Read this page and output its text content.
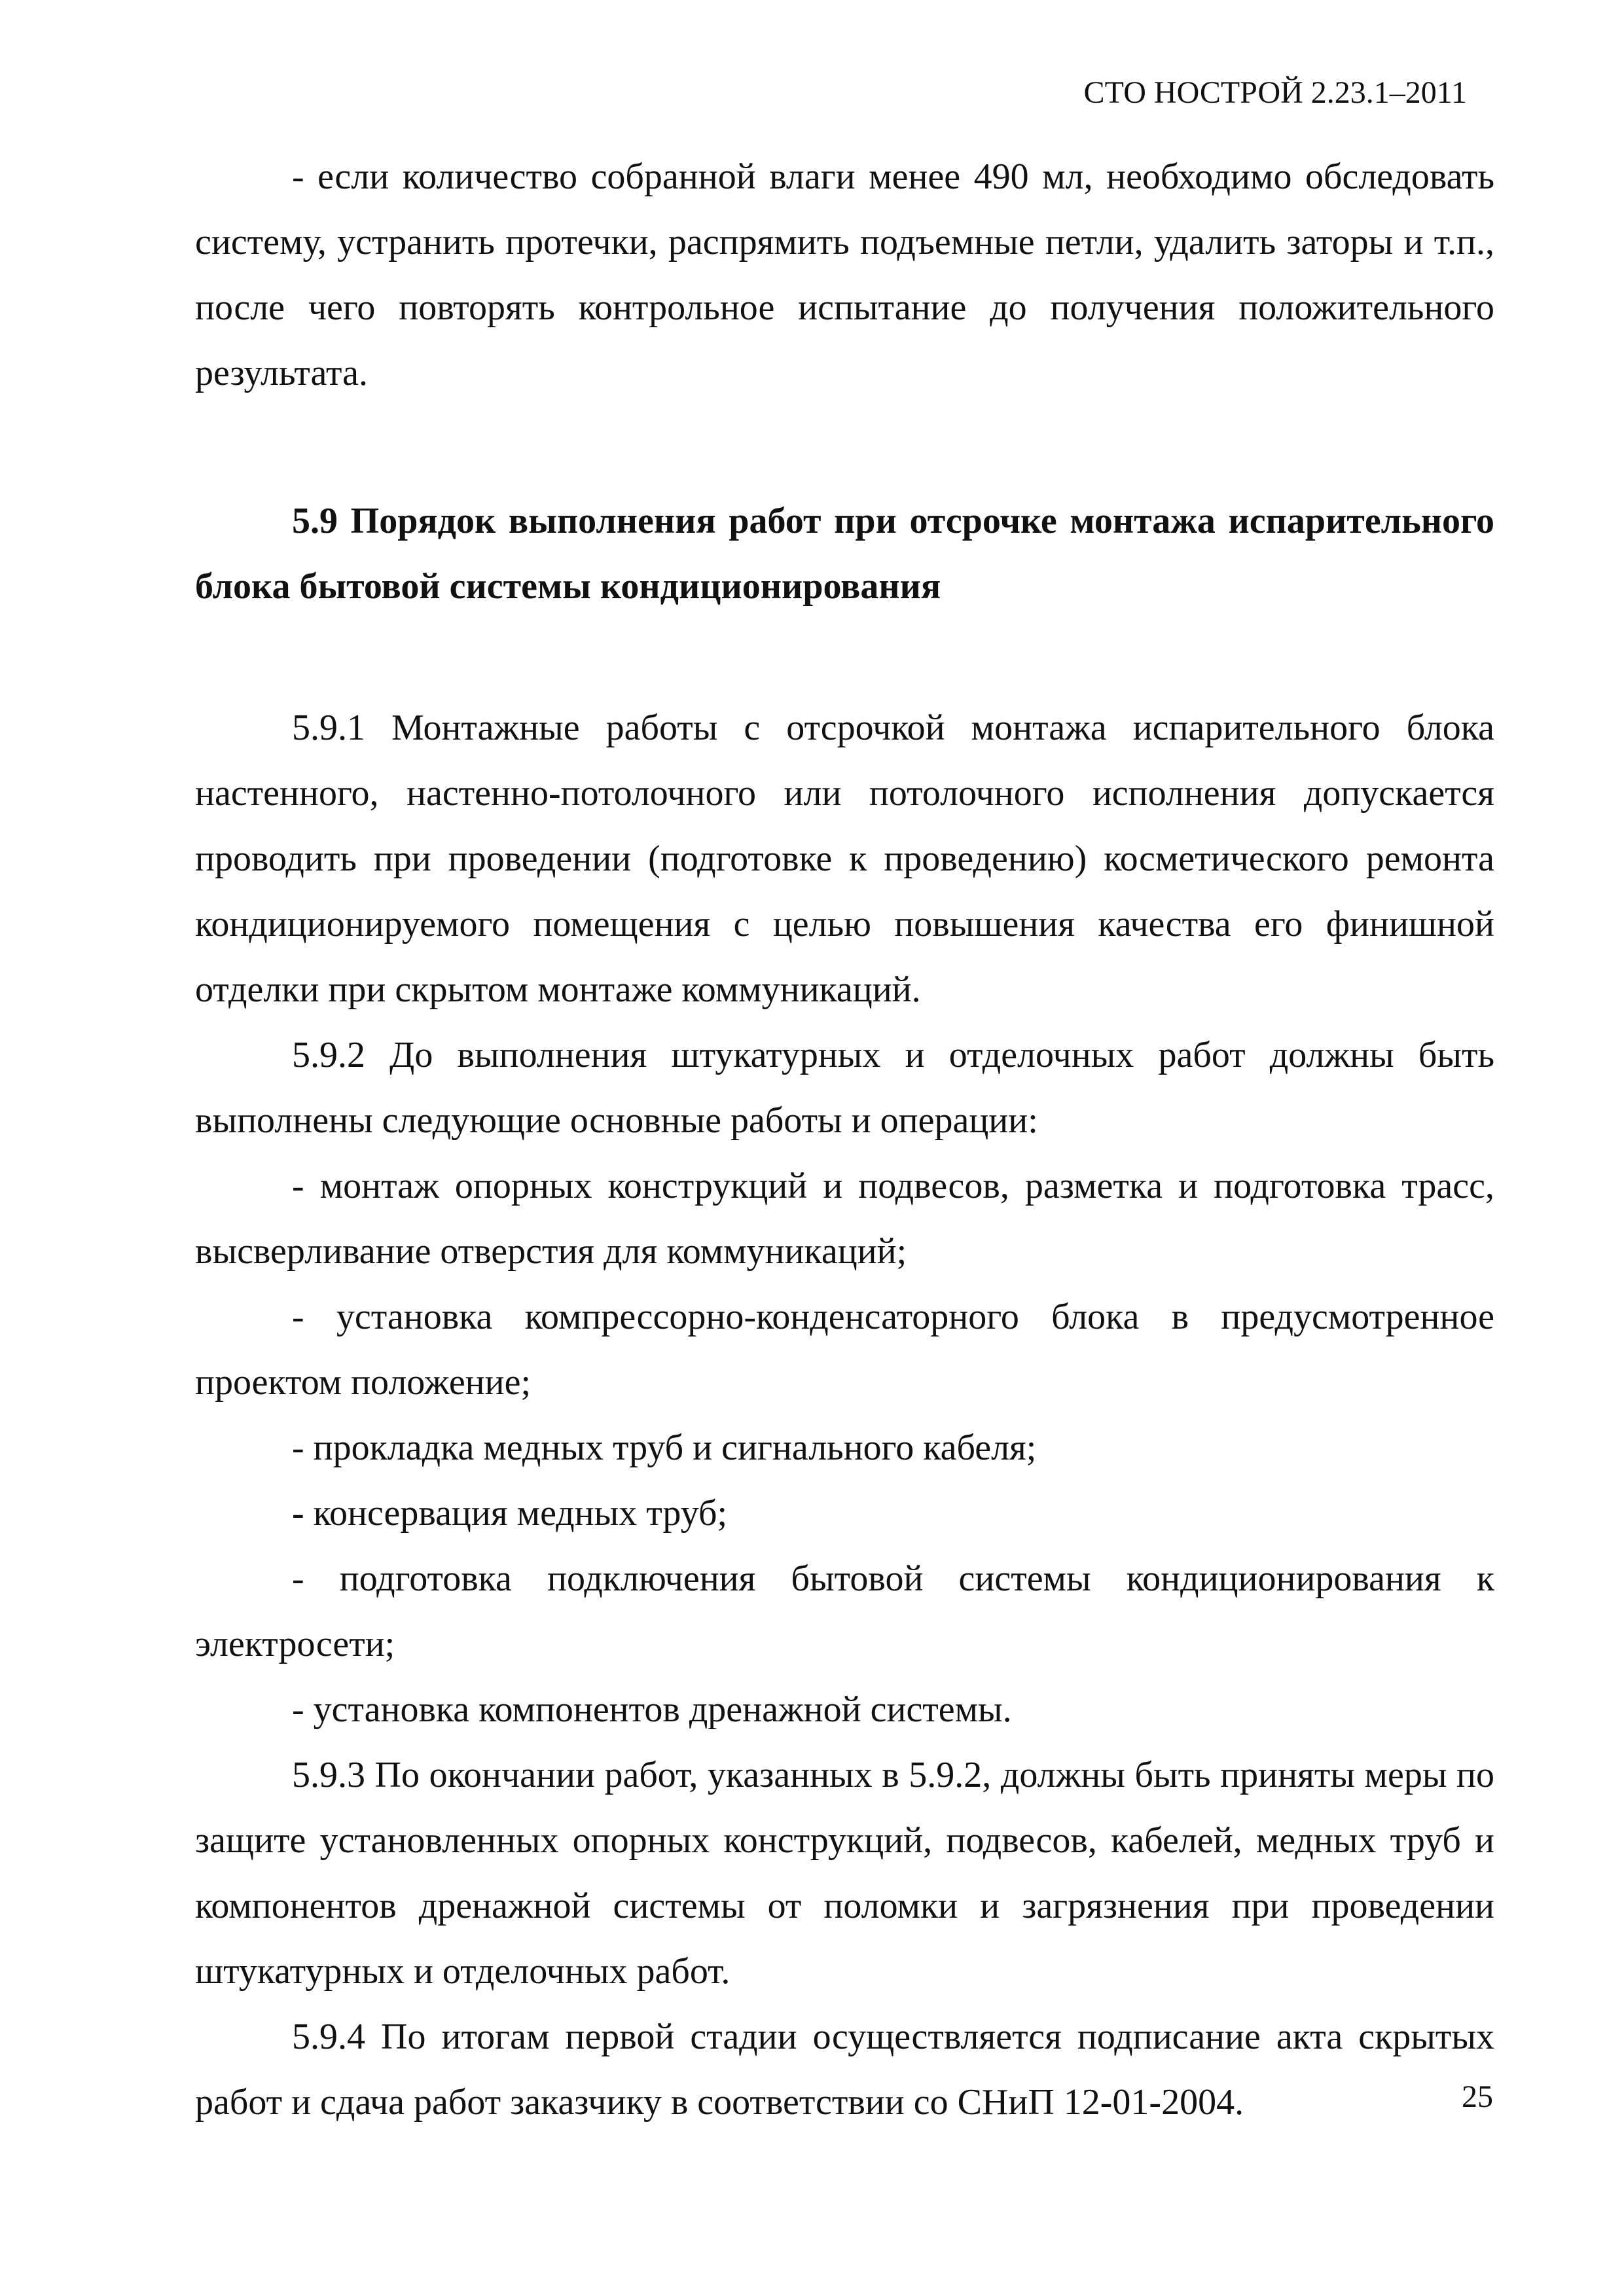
СТО НОСТРОЙ 2.23.1–2011

- если количество собранной влаги менее 490 мл, необходимо обследовать систему, устранить протечки, распрямить подъемные петли, удалить заторы и т.п., после чего повторять контрольное испытание до получения положительного результата.

5.9 Порядок выполнения работ при отсрочке монтажа испарительного блока бытовой системы кондиционирования

5.9.1 Монтажные работы с отсрочкой монтажа испарительного блока настенного, настенно-потолочного или потолочного исполнения допускается проводить при проведении (подготовке к проведению) косметического ремонта кондиционируемого помещения с целью повышения качества его финишной отделки при скрытом монтаже коммуникаций.

5.9.2 До выполнения штукатурных и отделочных работ должны быть выполнены следующие основные работы и операции:

- монтаж опорных конструкций и подвесов, разметка и подготовка трасс, высверливание отверстия для коммуникаций;

- установка компрессорно-конденсаторного блока в предусмотренное проектом положение;

- прокладка медных труб и сигнального кабеля;

- консервация медных труб;

- подготовка подключения бытовой системы кондиционирования к электросети;

- установка компонентов дренажной системы.

5.9.3 По окончании работ, указанных в 5.9.2, должны быть приняты меры по защите установленных опорных конструкций, подвесов, кабелей, медных труб и компонентов дренажной системы от поломки и загрязнения при проведении штукатурных и отделочных работ.

5.9.4 По итогам первой стадии осуществляется подписание акта скрытых работ и сдача работ заказчику в соответствии со СНиП 12-01-2004.	25
